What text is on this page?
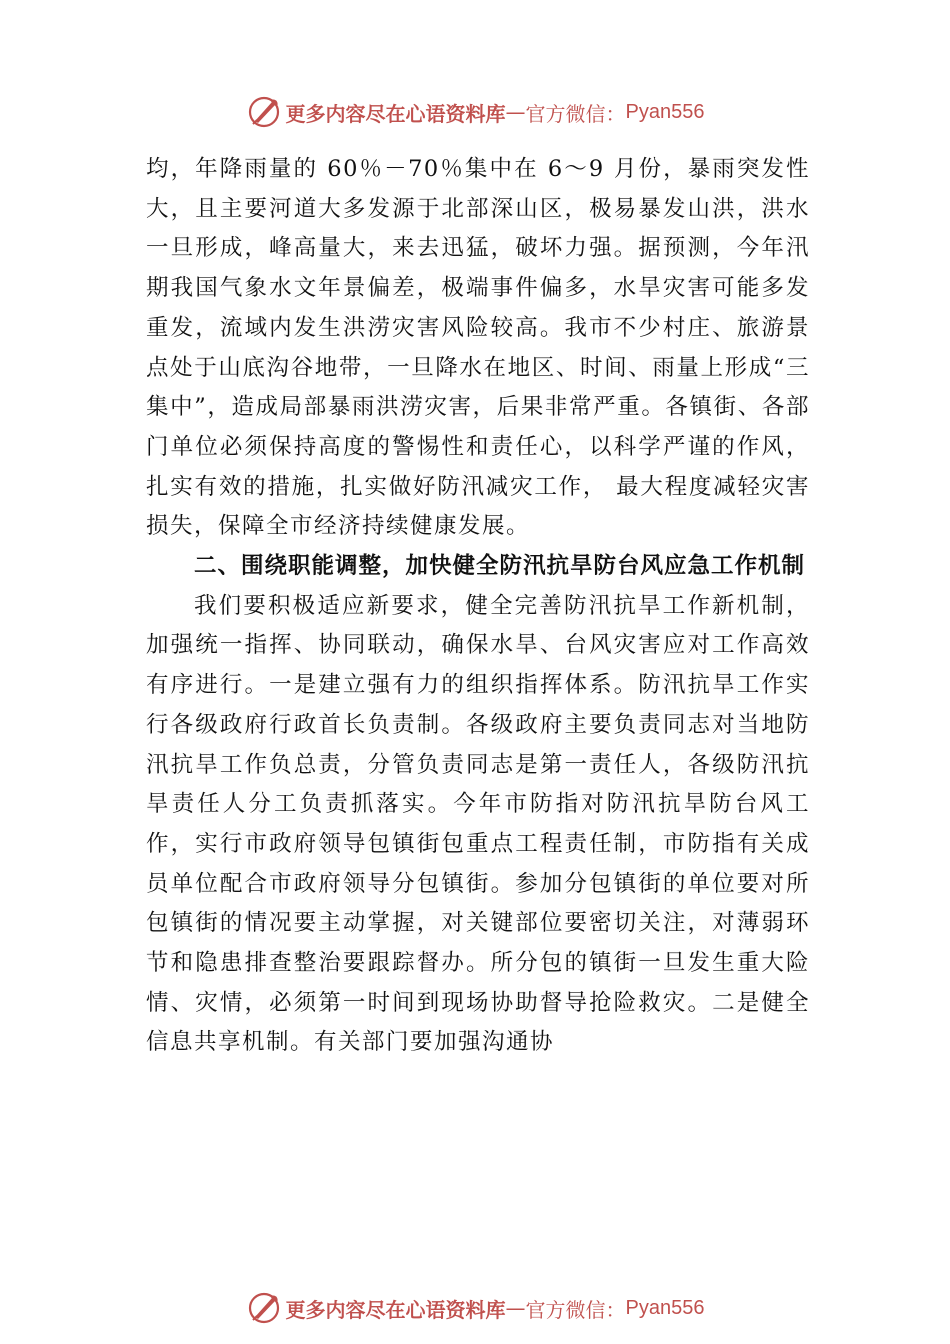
更多内容尽在心语资料库 — 官方微信： Pyan556

均，年降雨量的 60％－70％集中在 6～9 月份，暴雨突发性大，且主要河道大多发源于北部深山区，极易暴发山洪，洪水一旦形成，峰高量大，来去迅猛，破坏力强。据预测，今年汛期我国气象水文年景偏差，极端事件偏多，水旱灾害可能多发重发，流域内发生洪涝灾害风险较高。我市不少村庄、旅游景点处于山底沟谷地带，一旦降水在地区、时间、雨量上形成“三集中”，造成局部暴雨洪涝灾害，后果非常严重。各镇街、各部门单位必须保持高度的警惕性和责任心，以科学严谨的作风，扎实有效的措施，扎实做好防汛减灾工作， 最大程度减轻灾害损失，保障全市经济持续健康发展。

二、围绕职能调整，加快健全防汛抗旱防台风应急工作机制

我们要积极适应新要求，健全完善防汛抗旱工作新机制，加强统一指挥、协同联动，确保水旱、台风灾害应对工作高效有序进行。一是建立强有力的组织指挥体系。防汛抗旱工作实行各级政府行政首长负责制。各级政府主要负责同志对当地防汛抗旱工作负总责，分管负责同志是第一责任人，各级防汛抗旱责任人分工负责抓落实。今年市防指对防汛抗旱防台风工作，实行市政府领导包镇街包重点工程责任制，市防指有关成员单位配合市政府领导分包镇街。参加分包镇街的单位要对所包镇街的情况要主动掌握，对关键部位要密切关注，对薄弱环节和隐患排查整治要跟踪督办。所分包的镇街一旦发生重大险情、灾情，必须第一时间到现场协助督导抢险救灾。二是健全信息共享机制。有关部门要加强沟通协

更多内容尽在心语资料库 — 官方微信： Pyan556
